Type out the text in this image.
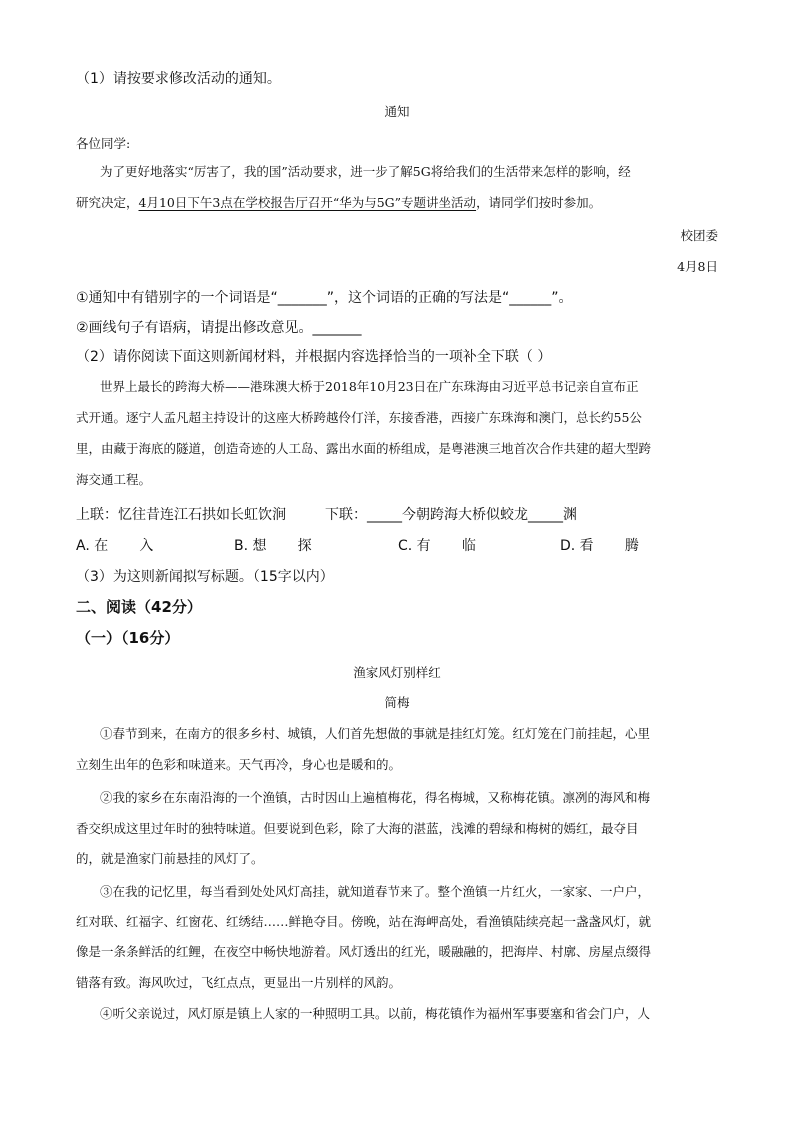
（1）请按要求修改活动的通知。
通知
各位同学:
为了更好地落实“厉害了，我的国”活动要求，进一步了解5G将给我们的生活带来怎样的影响，经
研究决定，4月10日下午3点在学校报告厅召开“华为与5G”专题讲坐活动，请同学们按时参加。
校团委
4月8日
①通知中有错别字的一个词语是“_______”，这个词语的正确的写法是“______”。
②画线句子有语病，请提出修改意见。_______
（2）请你阅读下面这则新闻材料，并根据内容选择恰当的一项补全下联（ ）
世界上最长的跨海大桥——港珠澳大桥于2018年10月23日在广东珠海由习近平总书记亲自宣布正
式开通。逐宁人孟凡超主持设计的这座大桥跨越伶仃洋，东接香港，西接广东珠海和澳门，总长约55公
里，由藏于海底的隧道，创造奇迹的人工岛、露出水面的桥组成，是粤港澳三地首次合作共建的超大型跨
海交通工程。
上联：忆往昔连江石拱如长虹饮涧	下联：_____今朝跨海大桥似蛟龙_____渊
A. 在       入	B. 想       探	C. 有       临	D. 看       腾
（3）为这则新闻拟写标题。（15字以内）
二、阅读（42分）
（一）（16分）
渔家风灯别样红
简梅
①春节到来，在南方的很多乡村、城镇，人们首先想做的事就是挂红灯笼。红灯笼在门前挂起，心里
立刻生出年的色彩和味道来。天气再冷，身心也是暖和的。
②我的家乡在东南沿海的一个渔镇，古时因山上遍植梅花，得名梅城，又称梅花镇。凛冽的海风和梅
香交织成这里过年时的独特味道。但要说到色彩，除了大海的湛蓝，浅滩的碧绿和梅树的嫣红，最夺目
的，就是渔家门前悬挂的风灯了。
③在我的记忆里，每当看到处处风灯高挂，就知道春节来了。整个渔镇一片红火，一家家、一户户，
红对联、红福字、红窗花、红绣结……鲜艳夺目。傍晚，站在海岬高处，看渔镇陆续亮起一盏盏风灯，就
像是一条条鲜活的红鲤，在夜空中畅快地游着。风灯透出的红光，暖融融的，把海岸、村廓、房屋点缀得
错落有致。海风吹过，飞红点点，更显出一片别样的风韵。
④听父亲说过，风灯原是镇上人家的一种照明工具。以前，梅花镇作为福州军事要塞和省会门户，人
